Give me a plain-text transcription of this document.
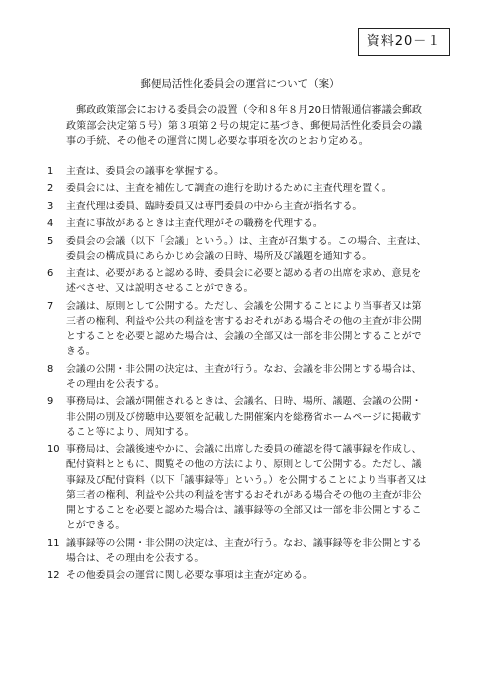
資料20－１
郵便局活性化委員会の運営について（案）

郵政政策部会における委員会の設置（令和８年８月20日情報通信審議会郵政政策部会決定第５号）第３項第２号の規定に基づき、郵便局活性化委員会の議事の手続、その他その運営に関し必要な事項を次のとおり定める。

1	主査は、委員会の議事を掌握する。

2	委員会には、主査を補佐して調査の進行を助けるために主査代理を置く。

3	主査代理は委員、臨時委員又は専門委員の中から主査が指名する。

4	主査に事故があるときは主査代理がその職務を代理する。

5	委員会の会議（以下「会議」という。）は、主査が召集する。この場合、主査は、委員会の構成員にあらかじめ会議の日時、場所及び議題を通知する。

6	主査は、必要があると認める時、委員会に必要と認める者の出席を求め、意見を述べさせ、又は説明させることができる。

7	会議は、原則として公開する。ただし、会議を公開することにより当事者又は第三者の権利、利益や公共の利益を害するおそれがある場合その他の主査が非公開とすることを必要と認めた場合は、会議の全部又は一部を非公開とすることができる。

8	会議の公開・非公開の決定は、主査が行う。なお、会議を非公開とする場合は、その理由を公表する。

9	事務局は、会議が開催されるときは、会議名、日時、場所、議題、会議の公開・非公開の別及び傍聴申込要領を記載した開催案内を総務省ホームページに掲載すること等により、周知する。

10 事務局は、会議後速やかに、会議に出席した委員の確認を得て議事録を作成し、配付資料とともに、閲覧その他の方法により、原則として公開する。ただし、議事録及び配付資料（以下「議事録等」という。）を公開することにより当事者又は第三者の権利、利益や公共の利益を害するおそれがある場合その他の主査が非公開とすることを必要と認めた場合は、議事録等の全部又は一部を非公開とすることができる。

11 議事録等の公開・非公開の決定は、主査が行う。なお、議事録等を非公開とする場合は、その理由を公表する。

12 その他委員会の運営に関し必要な事項は主査が定める。
